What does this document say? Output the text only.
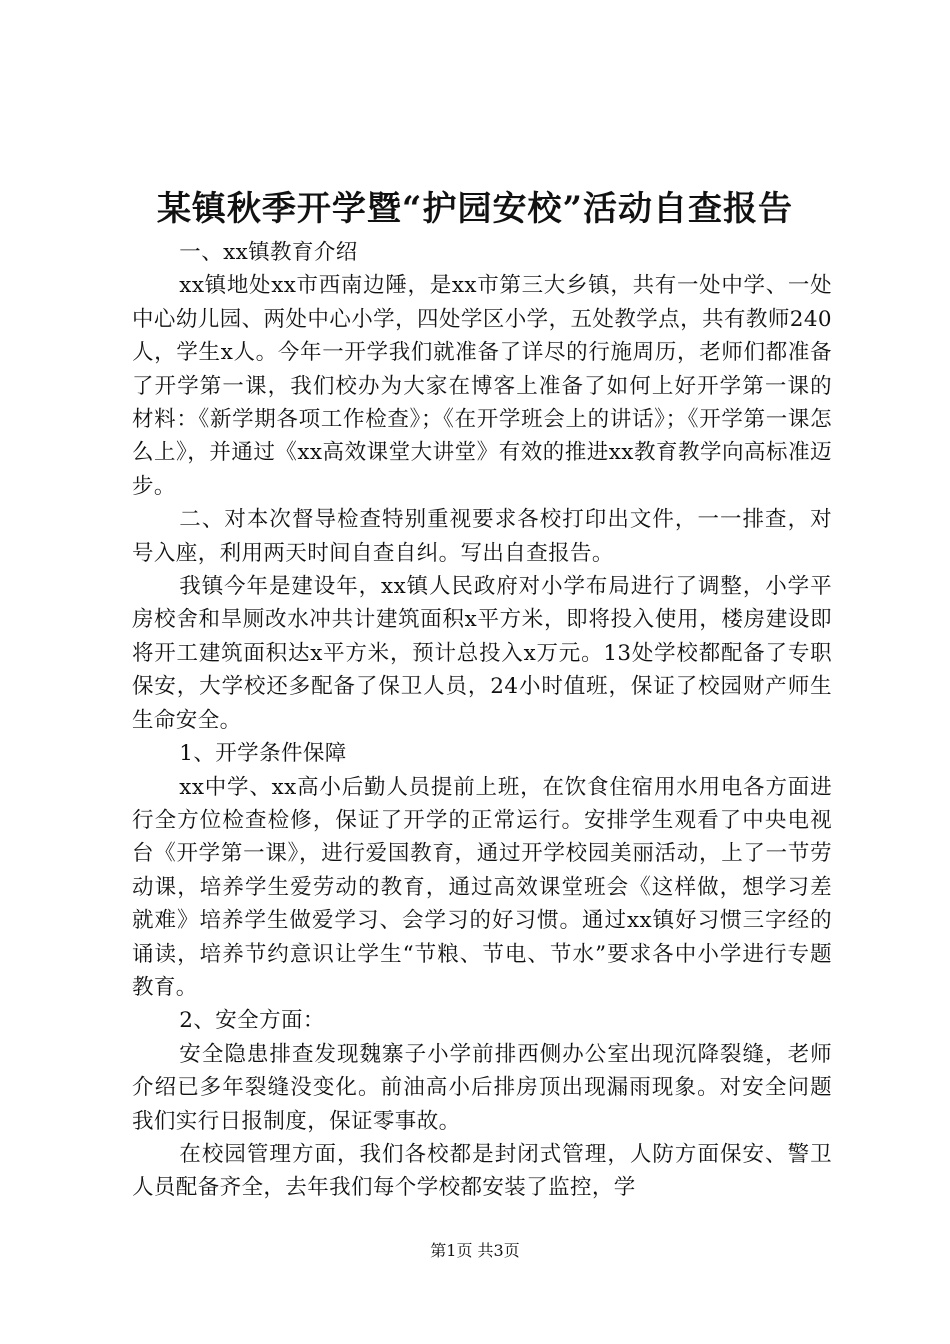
某镇秋季开学暨“护园安校”活动自查报告

一、xx镇教育介绍

xx镇地处xx市西南边陲，是xx市第三大乡镇，共有一处中学、一处中心幼儿园、两处中心小学，四处学区小学，五处教学点，共有教师240人，学生x人。今年一开学我们就准备了详尽的行施周历，老师们都准备了开学第一课，我们校办为大家在博客上准备了如何上好开学第一课的材料：《新学期各项工作检查》；《在开学班会上的讲话》；《开学第一课怎么上》，并通过《xx高效课堂大讲堂》有效的推进xx教育教学向高标准迈步。

二、对本次督导检查特别重视要求各校打印出文件，一一排查，对号入座，利用两天时间自查自纠。写出自查报告。

我镇今年是建设年，xx镇人民政府对小学布局进行了调整，小学平房校舍和旱厕改水冲共计建筑面积x平方米，即将投入使用，楼房建设即将开工建筑面积达x平方米，预计总投入x万元。13处学校都配备了专职保安，大学校还多配备了保卫人员，24小时值班，保证了校园财产师生生命安全。

1、开学条件保障

xx中学、xx高小后勤人员提前上班，在饮食住宿用水用电各方面进行全方位检查检修，保证了开学的正常运行。安排学生观看了中央电视台《开学第一课》，进行爱国教育，通过开学校园美丽活动，上了一节劳动课，培养学生爱劳动的教育，通过高效课堂班会《这样做，想学习差就难》培养学生做爱学习、会学习的好习惯。通过xx镇好习惯三字经的诵读，培养节约意识让学生“节粮、节电、节水”要求各中小学进行专题教育。

2、安全方面：

安全隐患排查发现魏寨子小学前排西侧办公室出现沉降裂缝，老师介绍已多年裂缝没变化。前油高小后排房顶出现漏雨现象。对安全问题我们实行日报制度，保证零事故。

在校园管理方面，我们各校都是封闭式管理，人防方面保安、警卫人员配备齐全，去年我们每个学校都安装了监控，学

第1页 共3页
